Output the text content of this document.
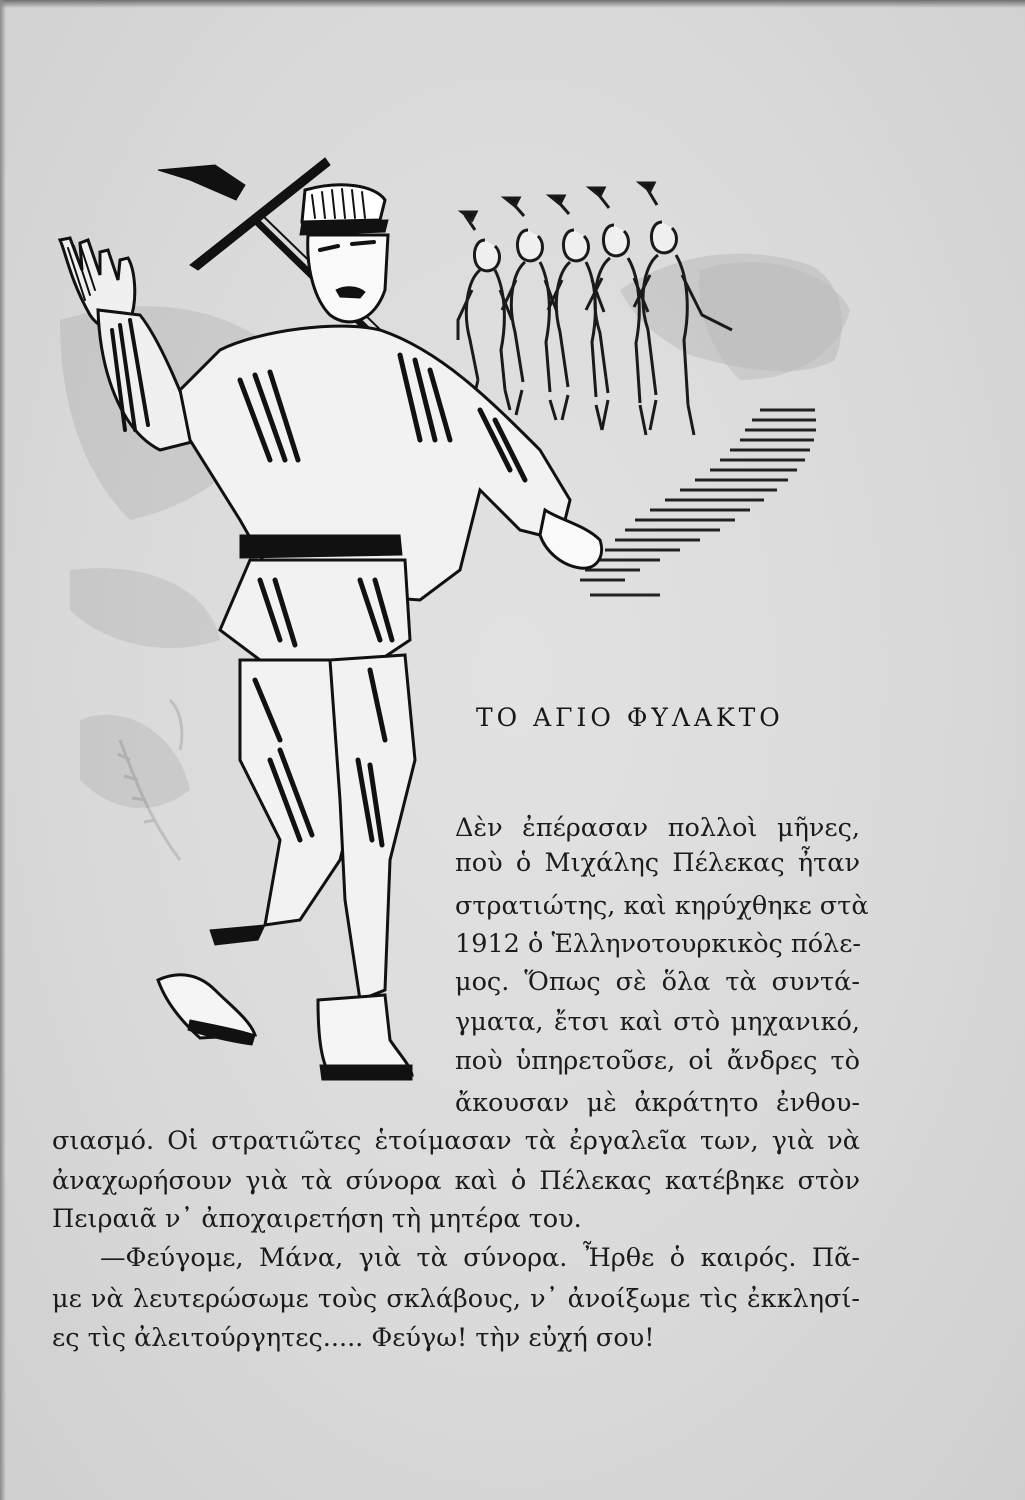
ΤΟ ΑΓΙΟ ΦΥΛΑΚΤΟ
Δὲν ἐπέρασαν πολλοὶ μῆνες,
ποὺ ὁ Μιχάλης Πέλεκας ἦταν
στρατιώτης, καὶ κηρύχθηκε στὰ
1912 ὁ Ἑλληνοτουρκικὸς πόλε-
μος. Ὅπως σὲ ὅλα τὰ συντά-
γματα, ἔτσι καὶ στὸ μηχανικό,
ποὺ ὑπηρετοῦσε, οἱ ἄνδρες τὸ
ἄκουσαν μὲ ἀκράτητο ἐνθου-
σιασμό. Οἱ στρατιῶτες ἑτοίμασαν τὰ ἐργαλεῖα των, γιὰ νὰ
ἀναχωρήσουν γιὰ τὰ σύνορα καὶ ὁ Πέλεκας κατέβηκε στὸν
Πειραιᾶ ν᾿ ἀποχαιρετήση τὴ μητέρα του.
—Φεύγομε, Μάνα, γιὰ τὰ σύνορα. Ἦρθε ὁ καιρός. Πᾶ-
με νὰ λευτερώσωμε τοὺς σκλάβους, ν᾿ ἀνοίξωμε τὶς ἐκκλησί-
ες τὶς ἀλειτούργητες..... Φεύγω! τὴν εὐχή σου!
